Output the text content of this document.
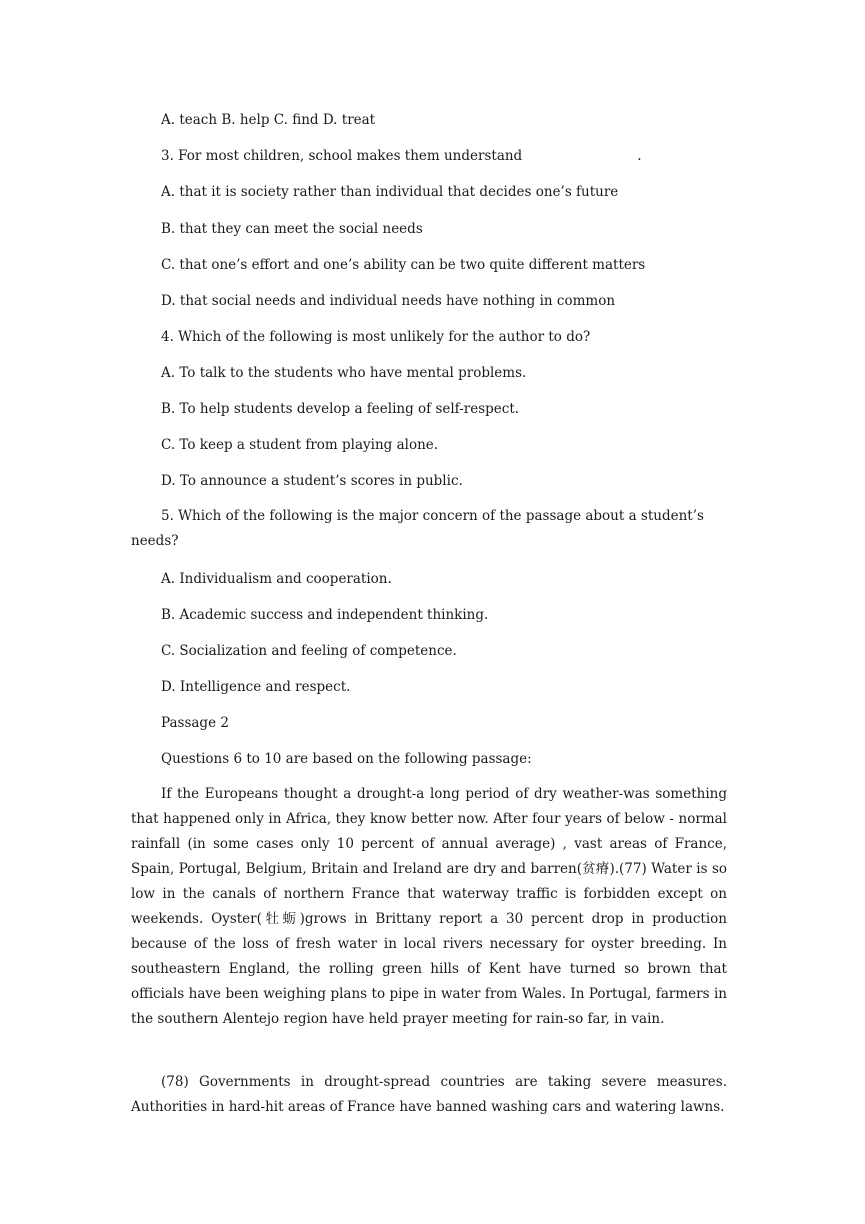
A. teach B. help C. find D. treat
3. For most children, school makes them understand	.
A. that it is society rather than individual that decides one’s future
B. that they can meet the social needs
C. that one’s effort and one’s ability can be two quite different matters
D. that social needs and individual needs have nothing in common
4. Which of the following is most unlikely for the author to do?
A. To talk to the students who have mental problems.
B. To help students develop a feeling of self-respect.
C. To keep a student from playing alone.
D. To announce a student’s scores in public.
5. Which of the following is the major concern of the passage about a student’s needs?
A. Individualism and cooperation.
B. Academic success and independent thinking.
C. Socialization and feeling of competence.
D. Intelligence and respect.
Passage 2
Questions 6 to 10 are based on the following passage:
If the Europeans thought a drought-a long period of dry weather-was something that happened only in Africa, they know better now. After four years of below - normal rainfall (in some cases only 10 percent of annual average) , vast areas of France, Spain, Portugal, Belgium, Britain and Ireland are dry and barren(贫瘠).(77) Water is so low in the canals of northern France that waterway traffic is forbidden except on weekends. Oyster(牡蛎)grows in Brittany report a 30 percent drop in production because of the loss of fresh water in local rivers necessary for oyster breeding. In southeastern England, the rolling green hills of Kent have turned so brown that officials have been weighing plans to pipe in water from Wales. In Portugal, farmers in the southern Alentejo region have held prayer meeting for rain-so far, in vain.
(78) Governments in drought-spread countries are taking severe measures. Authorities in hard-hit areas of France have banned washing cars and watering lawns.
